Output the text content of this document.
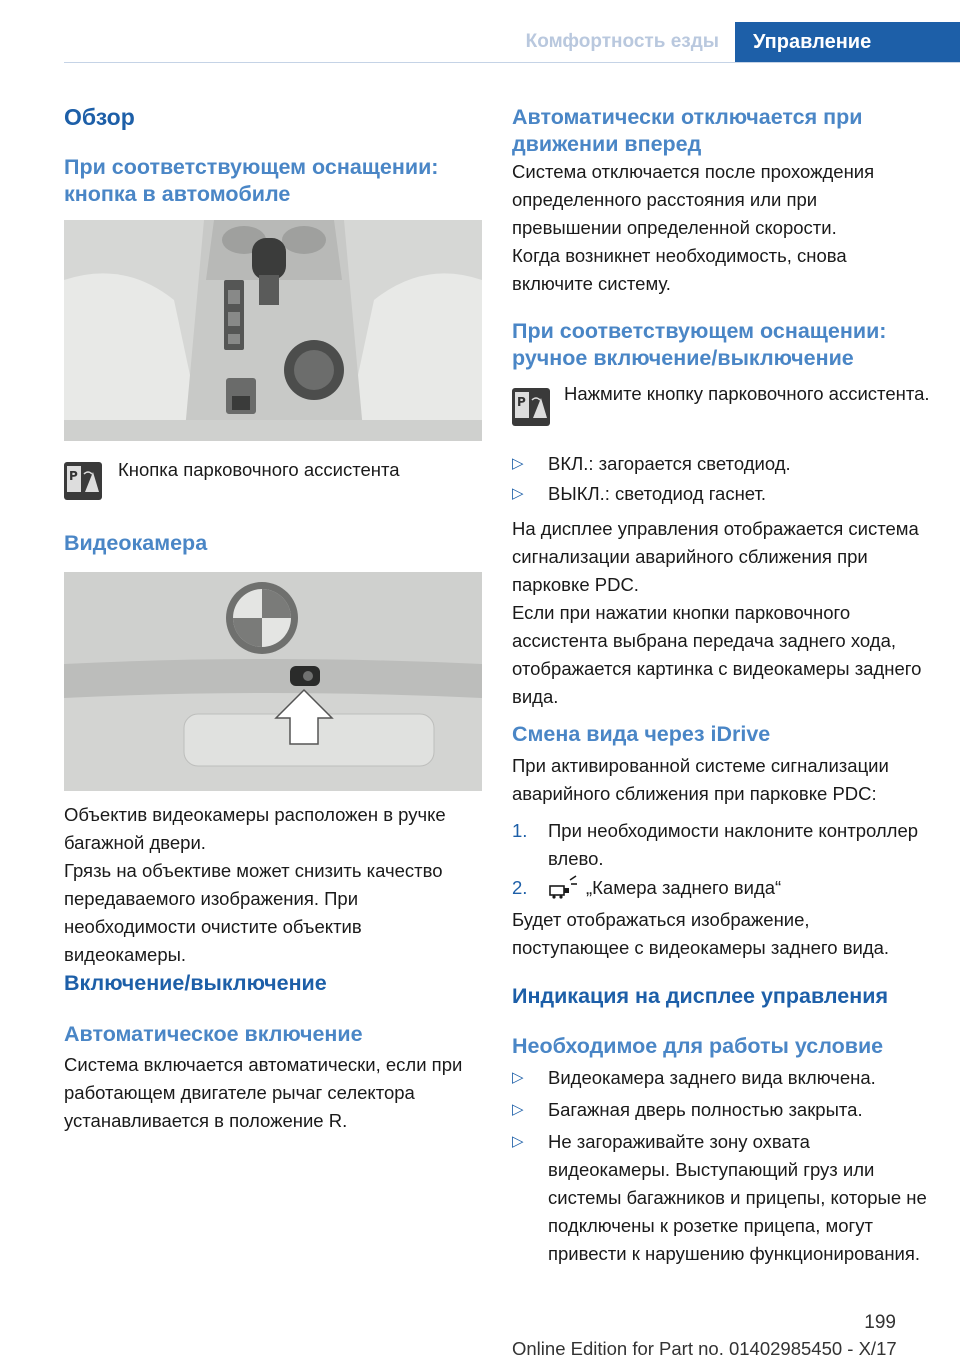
Комфортность езды	Управление
Обзор
При соответствующем оснащении: кнопка в автомобиле
P Кнопка парковочного ассистента
Видеокамера
Объектив видеокамеры расположен в ручке багажной двери.
Грязь на объективе может снизить качество передаваемого изображения. При необходимости очистите объектив видеокамеры.
Включение/выключение
Автоматическое включение
Система включается автоматически, если при работающем двигателе рычаг селектора устанавливается в положение R.
Автоматически отключается при движении вперед
Система отключается после прохождения определенного расстояния или при превышении определенной скорости.
Когда возникнет необходимость, снова включите систему.
При соответствующем оснащении: ручное включение/выключение
P Нажмите кнопку парковочного ассистента.
▷	ВКЛ.: загорается светодиод.
▷	ВЫКЛ.: светодиод гаснет.
На дисплее управления отображается система сигнализации аварийного сближения при парковке PDC.
Если при нажатии кнопки парковочного ассистента выбрана передача заднего хода, отображается картинка с видеокамеры заднего вида.
Смена вида через iDrive
При активированной системе сигнализации аварийного сближения при парковке PDC:
1.	При необходимости наклоните контроллер влево.
2.	„Камера заднего вида“
Будет отображаться изображение, поступающее с видеокамеры заднего вида.
Индикация на дисплее управления
Необходимое для работы условие
▷	Видеокамера заднего вида включена.
▷	Багажная дверь полностью закрыта.
▷	Не загораживайте зону охвата видеокамеры. Выступающий груз или системы багажников и прицепы, которые не подключены к розетке прицепа, могут привести к нарушению функционирования.
199
Online Edition for Part no. 01402985450 - X/17
